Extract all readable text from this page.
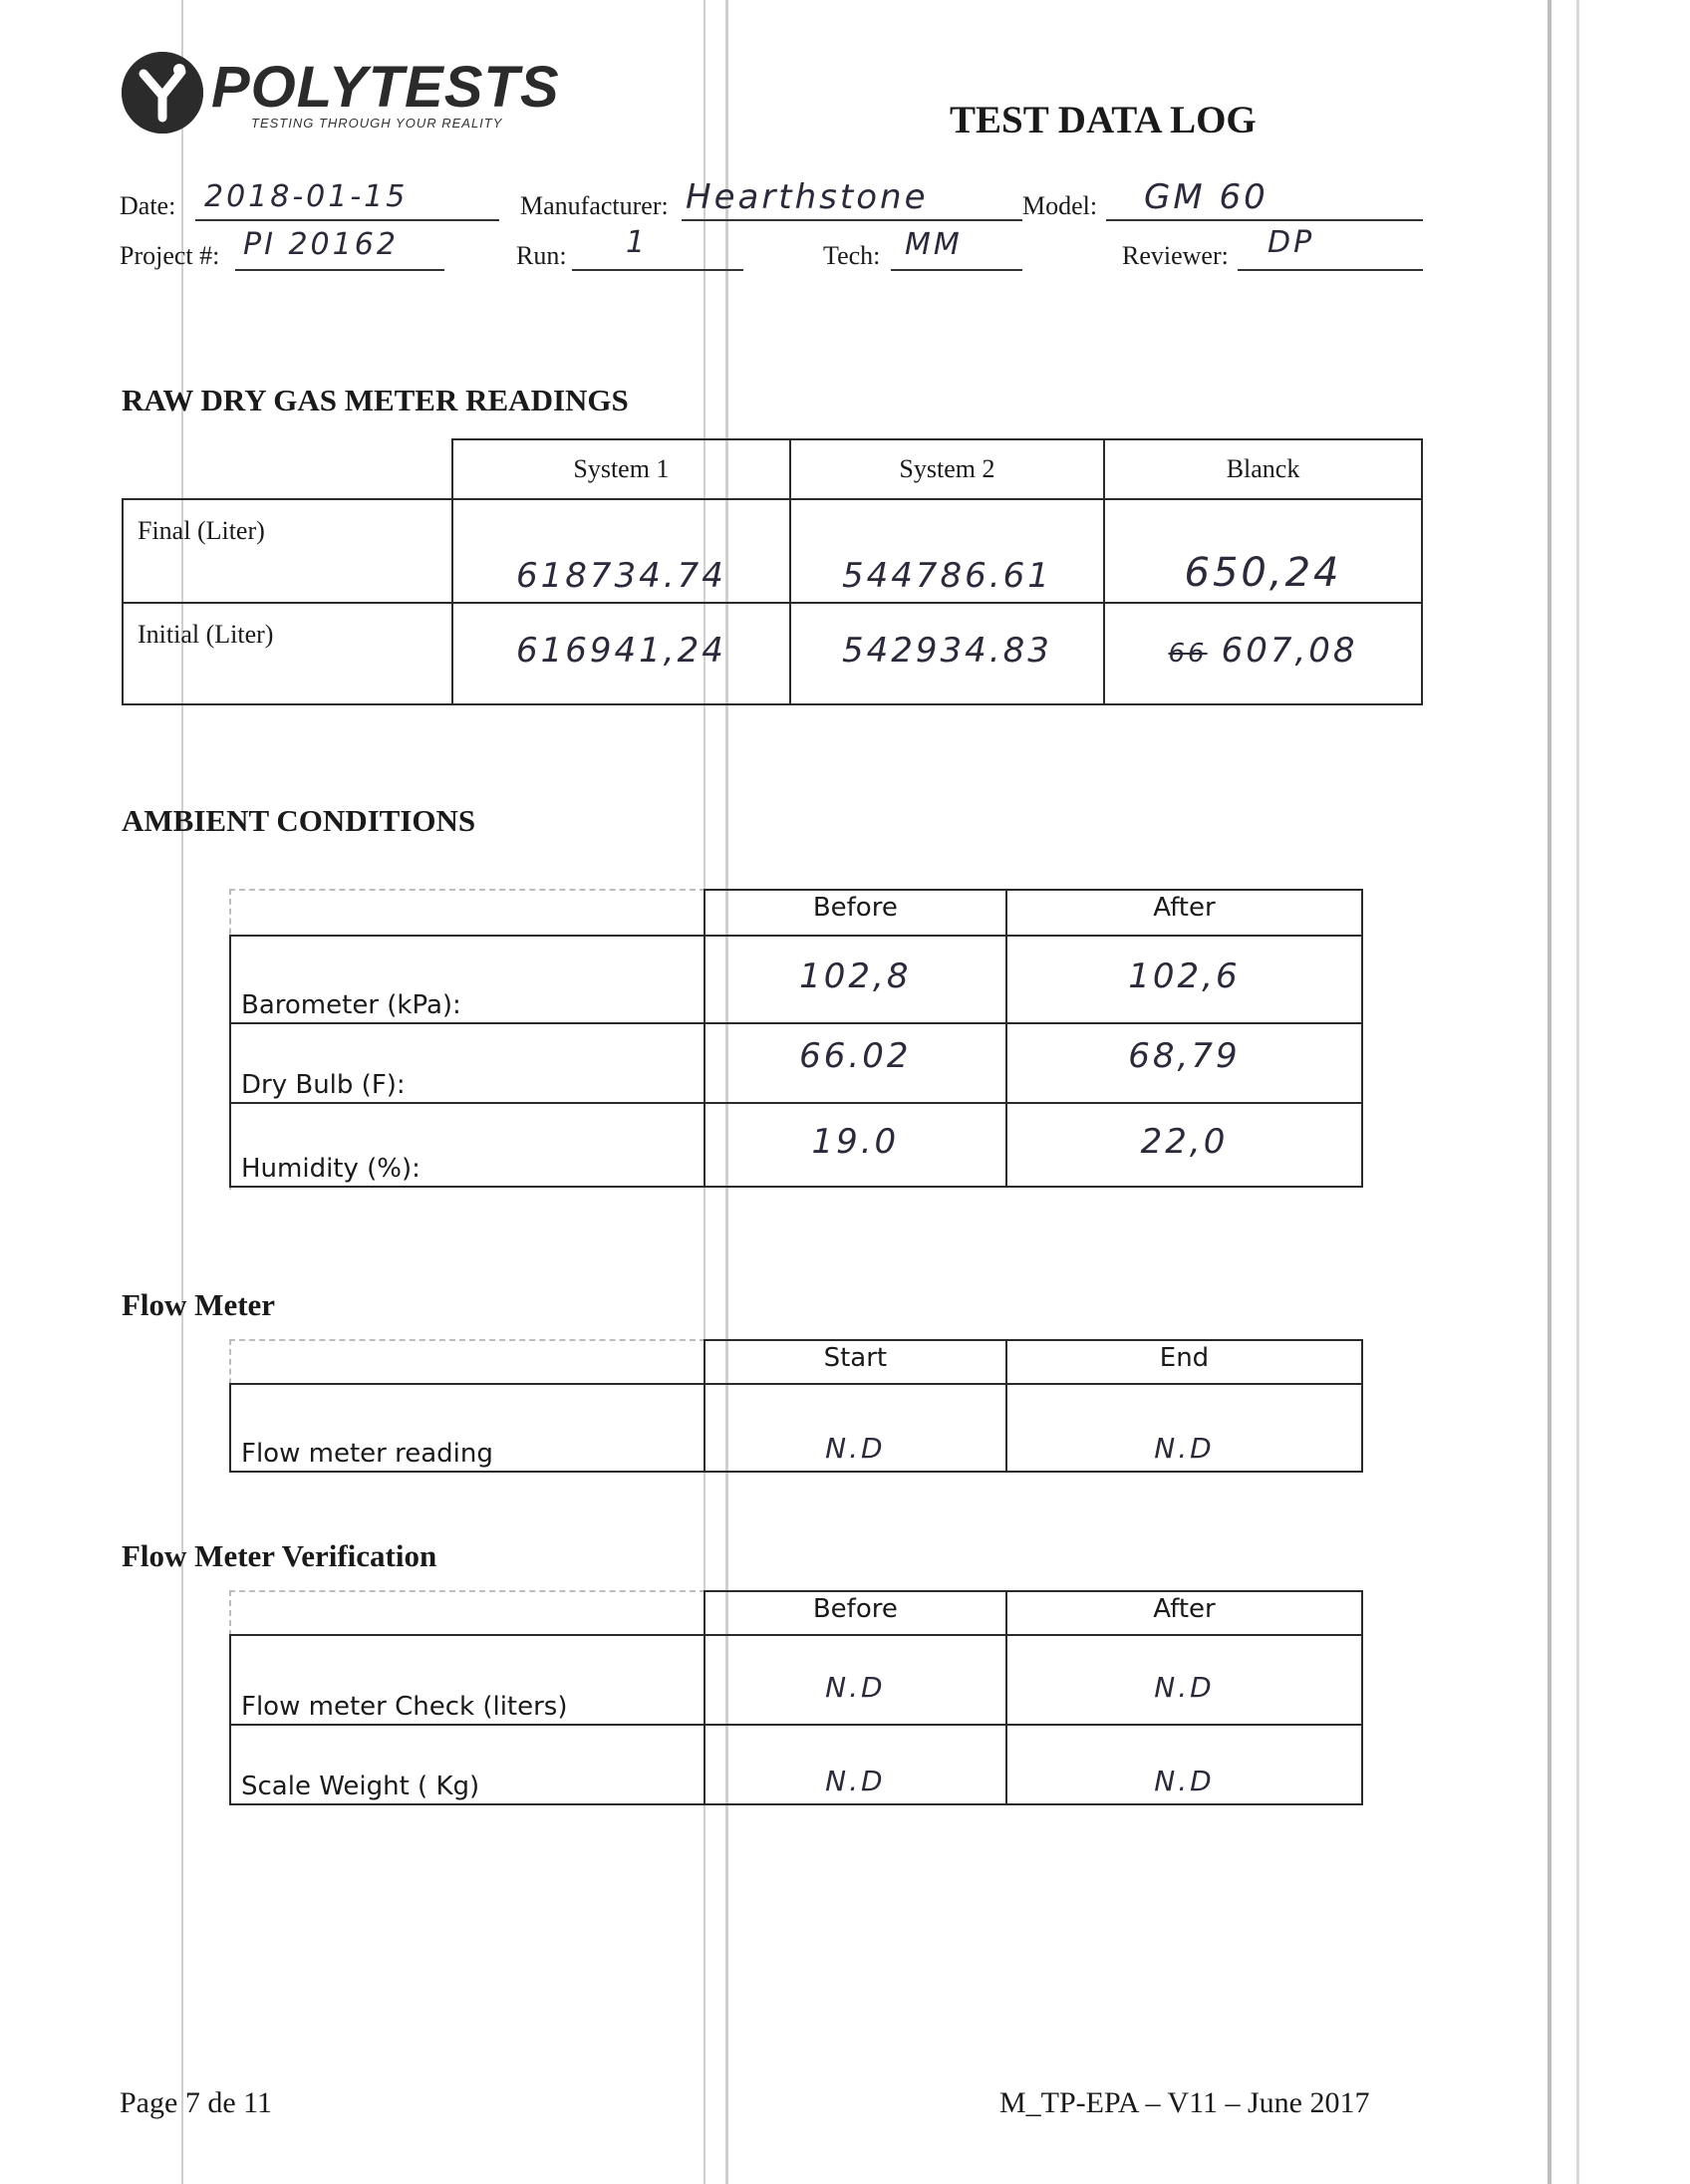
POLYTESTS
TESTING THROUGH YOUR REALITY	TEST DATA LOG
Date: 2018-01-15	Manufacturer: Hearthstone	Model: GM 60
Project #: PI 20162	Run: 1	Tech: MM	Reviewer: DP
RAW DRY GAS METER READINGS
	System 1	System 2	Blanck
Final (Liter)	618734.74	544786.61	650,24
Initial (Liter)	616941,24	542934.83	66 607,08
AMBIENT CONDITIONS
	Before	After
Barometer (kPa):	102,8	102,6
Dry Bulb (F):	66.02	68,79
Humidity (%):	19.0	22,0
Flow Meter
	Start	End
Flow meter reading	N.D	N.D
Flow Meter Verification
	Before	After
Flow meter Check (liters)	N.D	N.D
Scale Weight ( Kg)	N.D	N.D
Page 7 de 11	M_TP-EPA – V11 – June 2017
